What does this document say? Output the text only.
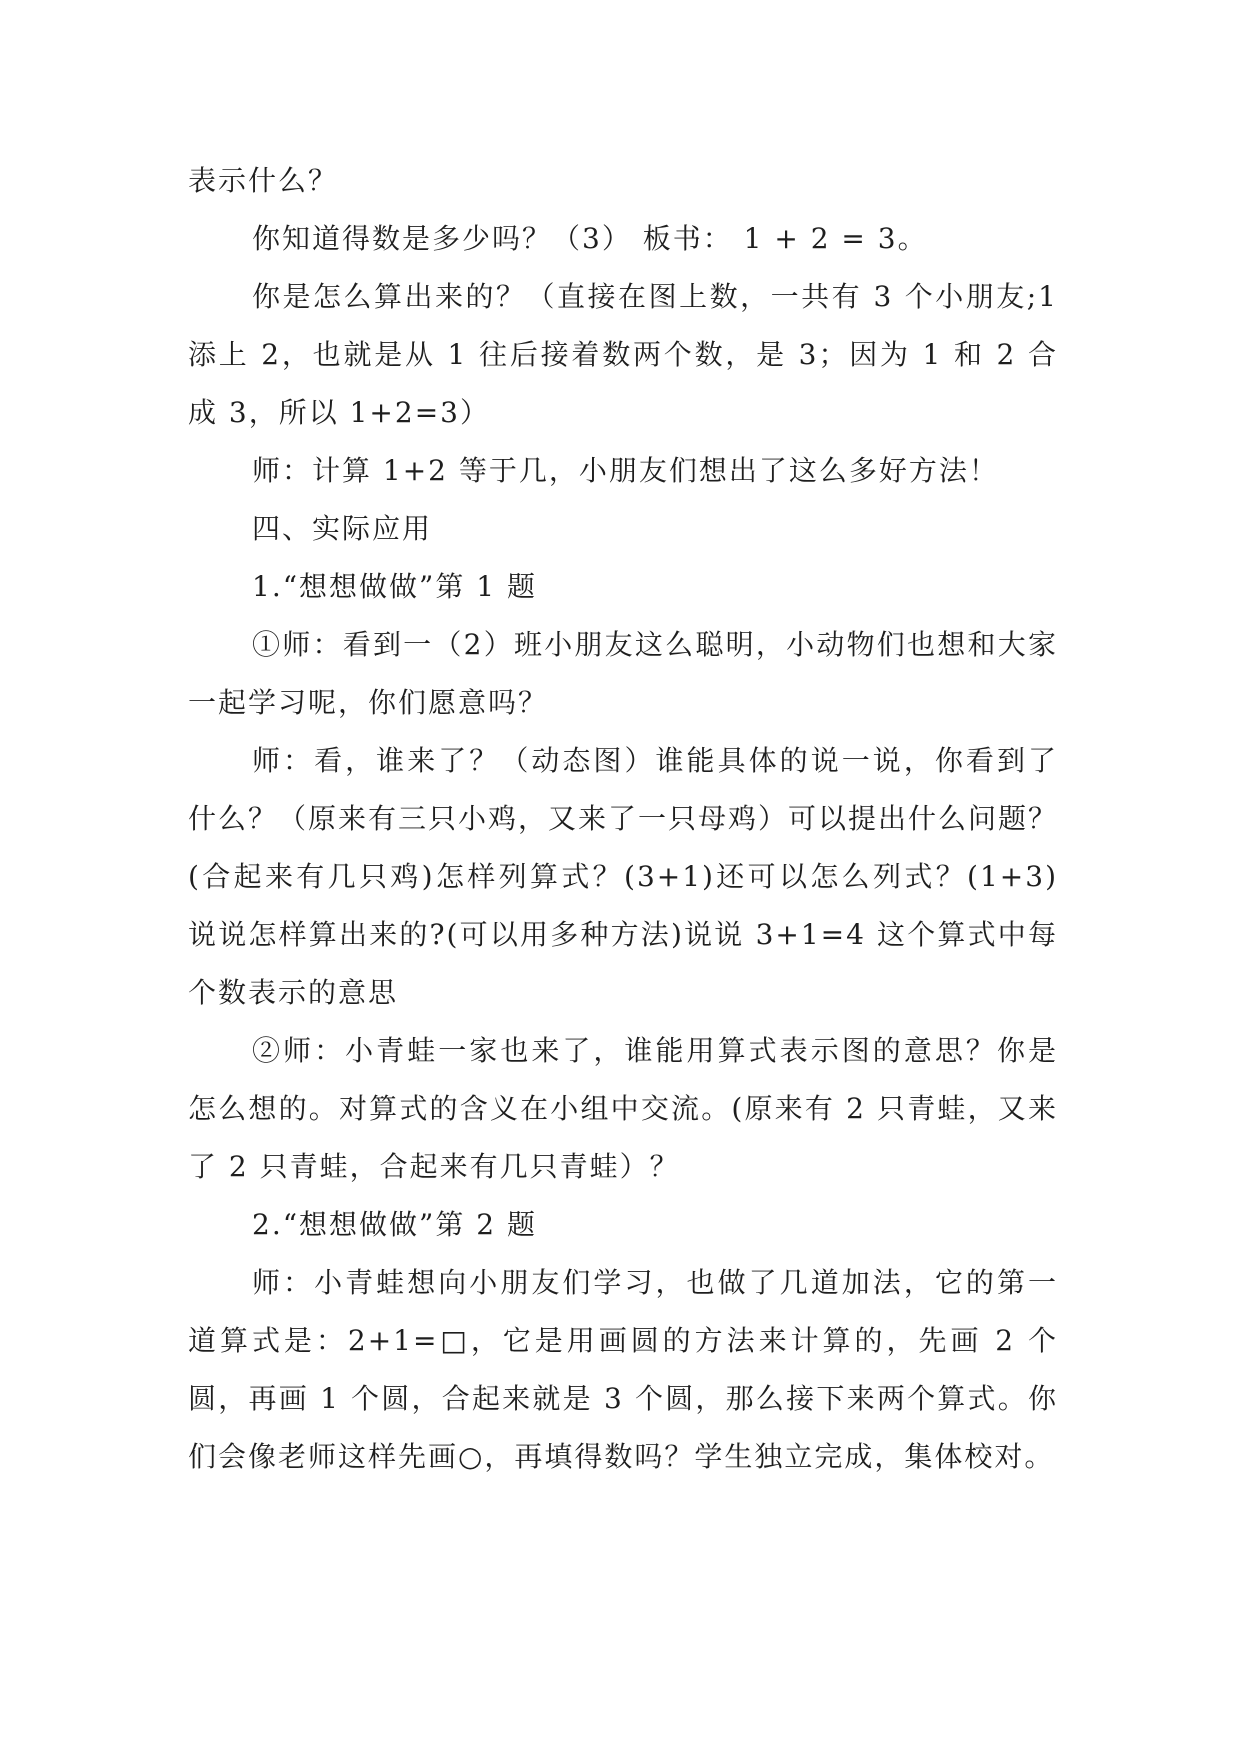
表示什么？

你知道得数是多少吗？（3） 板书： 1 + 2 = 3。

你是怎么算出来的？（直接在图上数，一共有 3 个小朋友;1 添上 2，也就是从 1 往后接着数两个数，是 3；因为 1 和 2 合成 3，所以 1+2=3）

师：计算 1+2 等于几，小朋友们想出了这么多好方法！

四、实际应用

1.“想想做做”第 1 题

①师：看到一（2）班小朋友这么聪明，小动物们也想和大家一起学习呢，你们愿意吗？

师：看，谁来了？（动态图）谁能具体的说一说，你看到了什么？（原来有三只小鸡，又来了一只母鸡）可以提出什么问题？(合起来有几只鸡)怎样列算式？(3+1)还可以怎么列式？(1+3) 说说怎样算出来的?(可以用多种方法)说说 3+1=4 这个算式中每个数表示的意思

②师：小青蛙一家也来了，谁能用算式表示图的意思？你是怎么想的。对算式的含义在小组中交流。(原来有 2 只青蛙，又来了 2 只青蛙，合起来有几只青蛙）？

2.“想想做做”第 2 题

师：小青蛙想向小朋友们学习，也做了几道加法，它的第一道算式是：2+1=□，它是用画圆的方法来计算的，先画 2 个圆，再画 1 个圆，合起来就是 3 个圆，那么接下来两个算式。你们会像老师这样先画○，再填得数吗？学生独立完成，集体校对。
